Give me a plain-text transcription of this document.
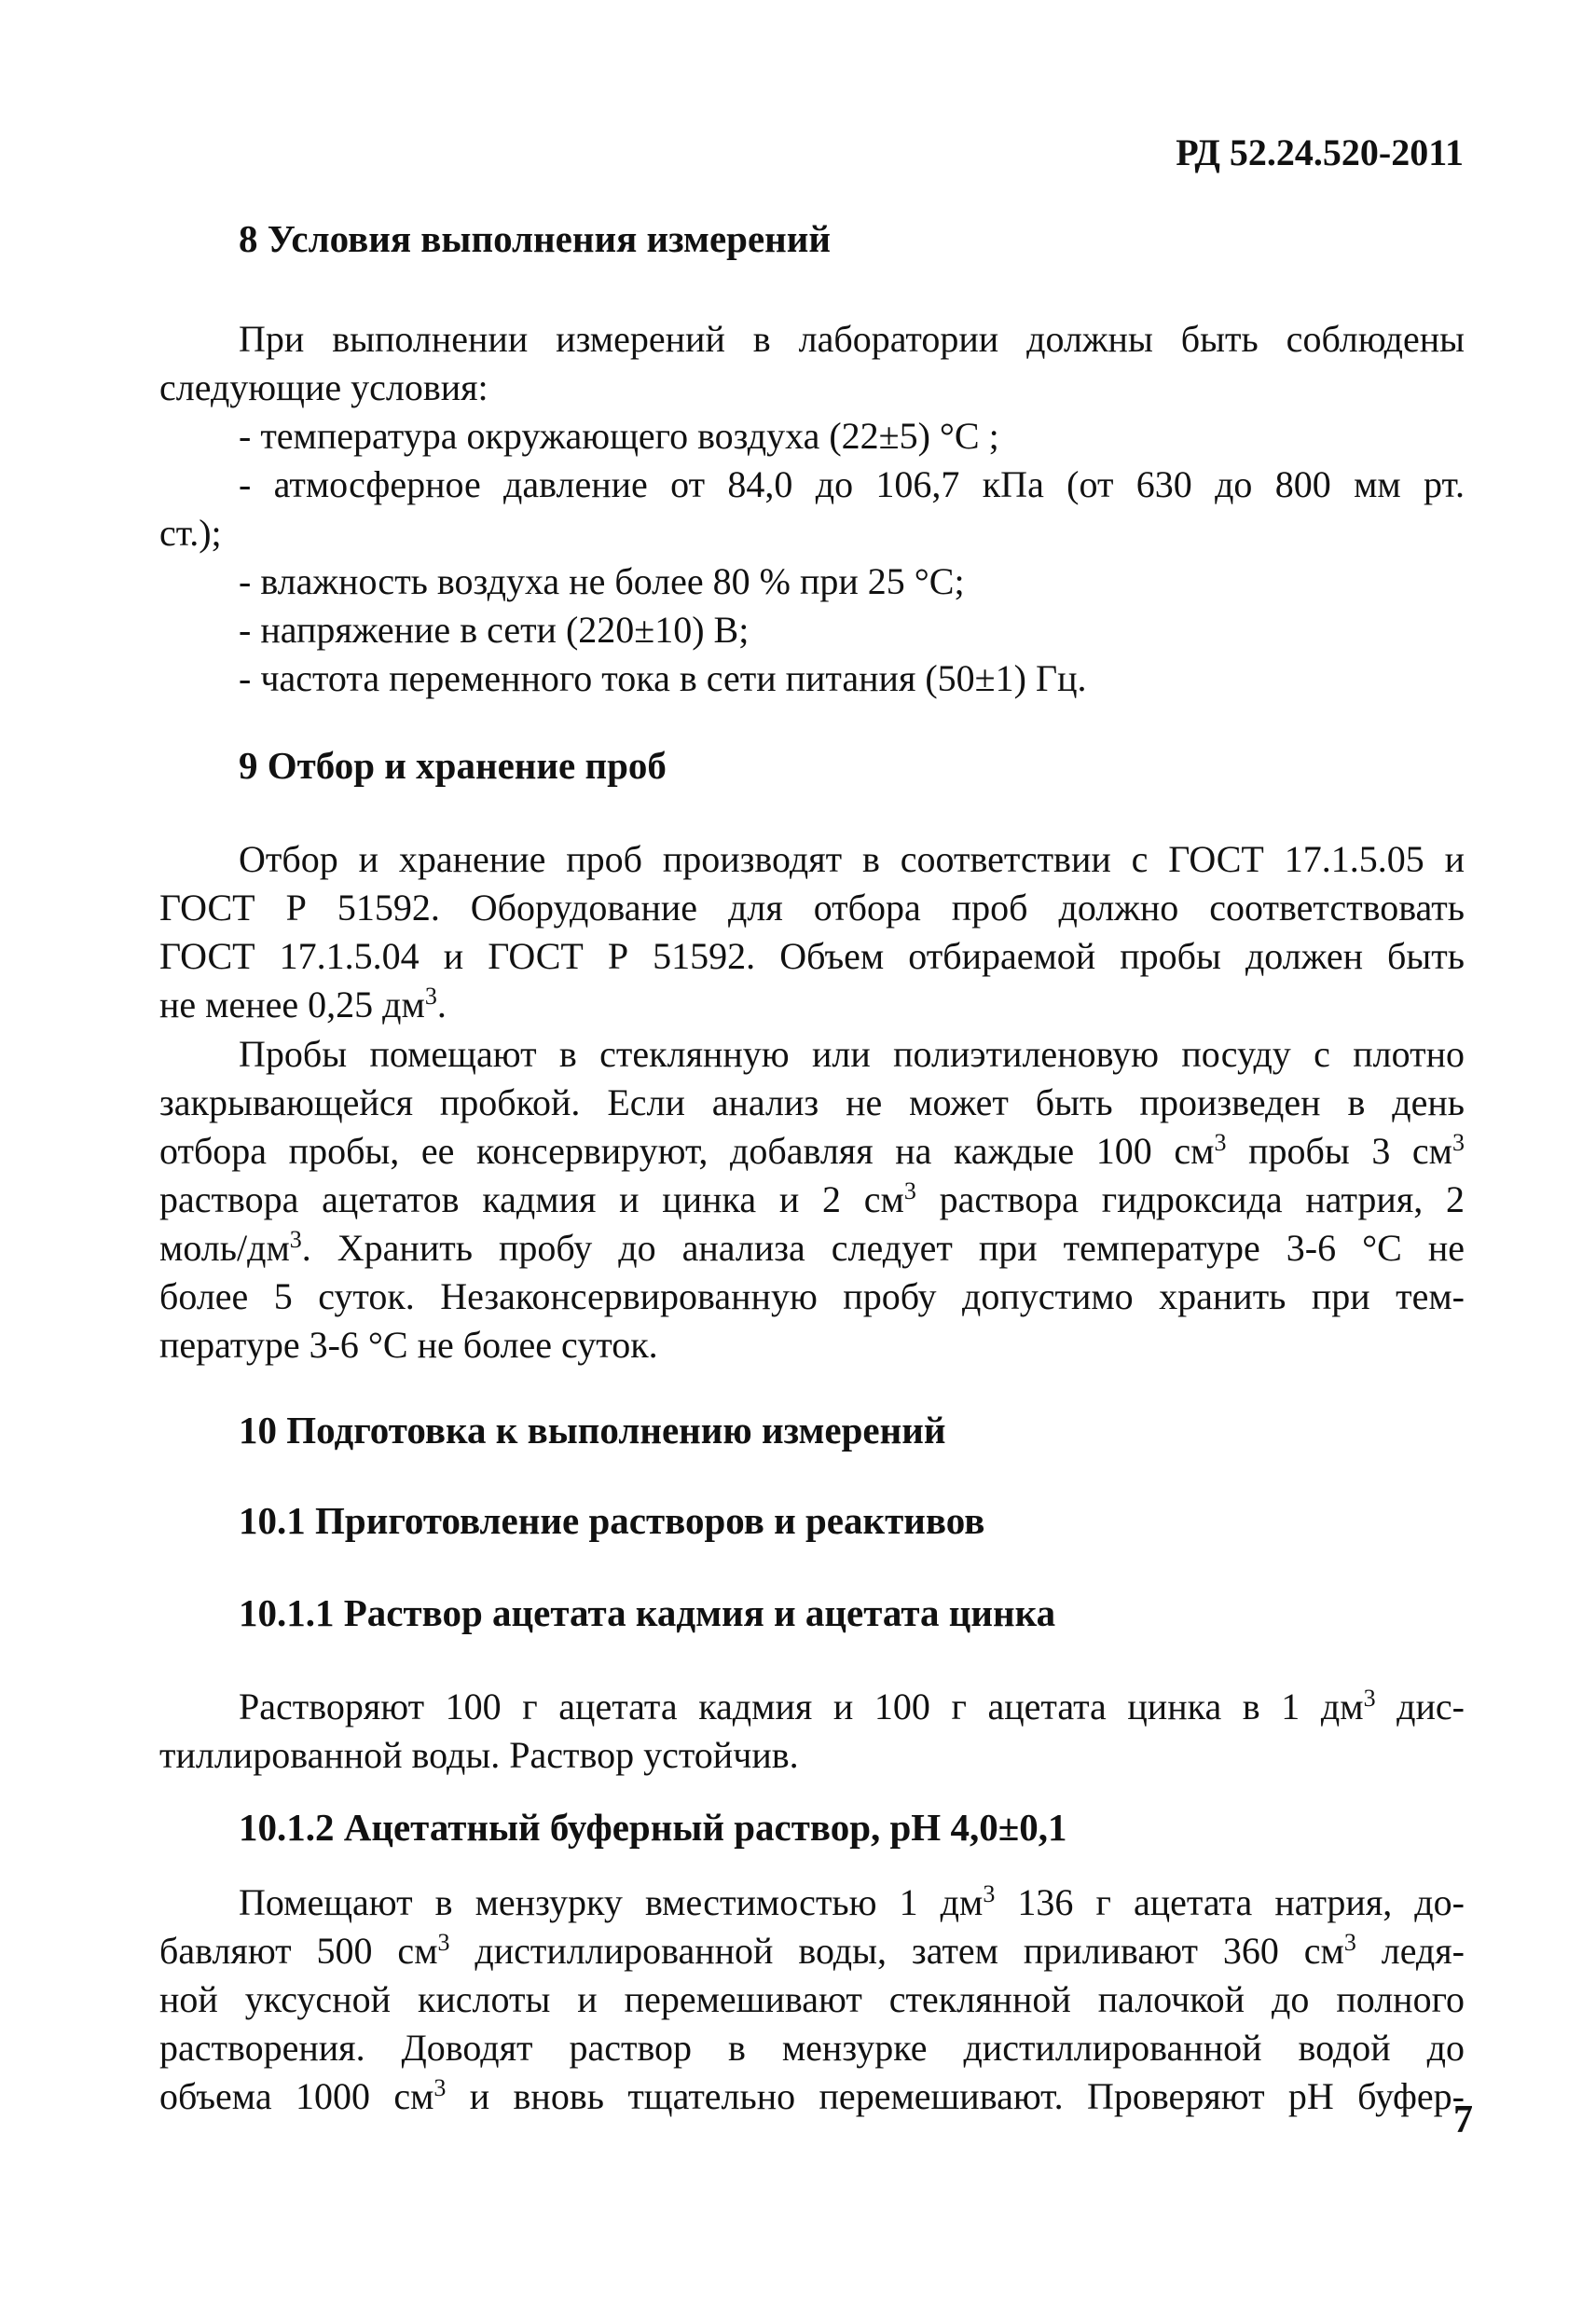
РД 52.24.520-2011
8 Условия выполнения измерений
При выполнении измерений в лаборатории должны быть соблюдены
следующие условия:
- температура окружающего воздуха (22±5) °С ;
- атмосферное давление от 84,0 до 106,7 кПа (от 630 до 800 мм рт.
ст.);
- влажность воздуха не более 80 % при 25 °С;
- напряжение в сети (220±10) В;
- частота переменного тока в сети питания (50±1) Гц.
9 Отбор и хранение проб
Отбор и хранение проб производят в соответствии с ГОСТ 17.1.5.05 и
ГОСТ Р 51592. Оборудование для отбора проб должно соответствовать
ГОСТ 17.1.5.04 и ГОСТ Р 51592. Объем отбираемой пробы должен быть
не менее 0,25 $дм^3$.
Пробы помещают в стеклянную или полиэтиленовую посуду с плотно
закрывающейся пробкой. Если анализ не может быть произведен в день
отбора пробы, ее консервируют, добавляя на каждые 100 $см^3$ пробы 3 $см^3$
раствора ацетатов кадмия и цинка и 2 $см^3$ раствора гидроксида натрия, 2
моль/$дм^3$. Хранить пробу до анализа следует при температуре 3-6 °С не
более 5 суток. Незаконсервированную пробу допустимо хранить при тем-
пературе 3-6 °С не более суток.
10 Подготовка к выполнению измерений
10.1 Приготовление растворов и реактивов
10.1.1 Раствор ацетата кадмия и ацетата цинка
Растворяют 100 г ацетата кадмия и 100 г ацетата цинка в 1 $дм^3$ дис-
тиллированной воды. Раствор устойчив.
10.1.2 Ацетатный буферный раствор, рН 4,0±0,1
Помещают в мензурку вместимостью 1 $дм^3$ 136 г ацетата натрия, до-
бавляют 500 $см^3$ дистиллированной воды, затем приливают 360 $см^3$ ледя-
ной уксусной кислоты и перемешивают стеклянной палочкой до полного
растворения. Доводят раствор в мензурке дистиллированной водой до
объема 1000 $см^3$ и вновь тщательно перемешивают. Проверяют рН буфер-
7
